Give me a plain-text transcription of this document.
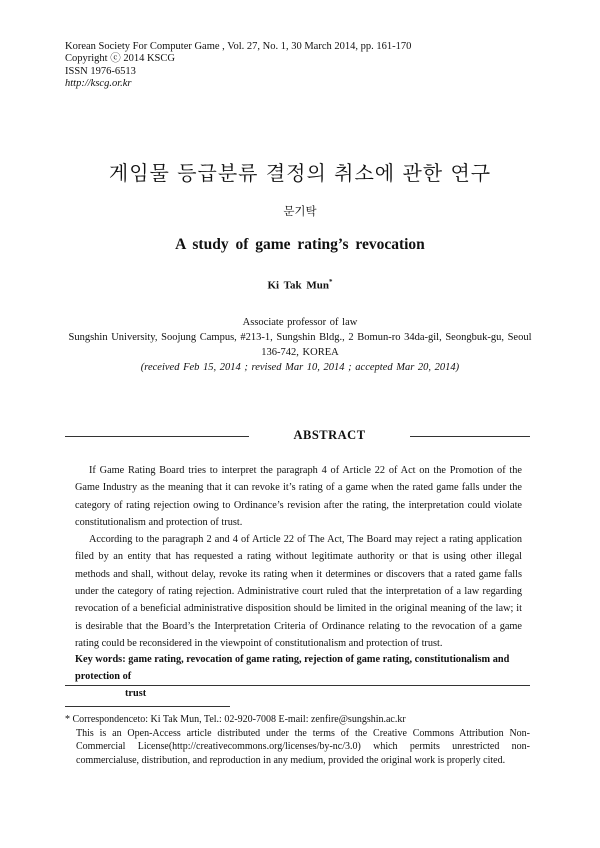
Korean Society For Computer Game , Vol. 27, No. 1, 30 March 2014, pp. 161-170
Copyright ⓒ 2014 KSCG
ISSN 1976-6513
http://kscg.or.kr
게임물 등급분류 결정의 취소에 관한 연구
문기탁
A study of game rating’s revocation
Ki Tak Mun*
Associate professor of law
Sungshin University, Soojung Campus, #213-1, Sungshin Bldg., 2 Bomun-ro 34da-gil, Seongbuk-gu, Seoul
136-742, KOREA
(received Feb 15, 2014 ; revised Mar 10, 2014 ; accepted Mar 20, 2014)
ABSTRACT

If Game Rating Board tries to interpret the paragraph 4 of Article 22 of Act on the Promotion of the Game Industry as the meaning that it can revoke it’s rating of a game when the rated game falls under the category of rating rejection owing to Ordinance’s revision after the rating, the interpretation could violate constitutionalism and protection of trust.

According to the paragraph 2 and 4 of Article 22 of The Act, The Board may reject a rating application filed by an entity that has requested a rating without legitimate authority or that is using other illegal methods and shall, without delay, revoke its rating when it determines or discovers that a rated game falls under the category of rating rejection. Administrative court ruled that the interpretation of a law regarding revocation of a beneficial administrative disposition should be limited in the original meaning of the law; it is desirable that the Board’s the Interpretation Criteria of Ordinance relating to the revocation of a game rating could be reconsidered in the viewpoint of constitutionalism and protection of trust.

Key words: game rating, revocation of game rating, rejection of game rating, constitutionalism and protection of
trust
* Correspondenceto: Ki Tak Mun, Tel.: 02-920-7008 E-mail: zenfire@sungshin.ac.kr
This is an Open-Access article distributed under the terms of the Creative Commons Attribution Non-Commercial License(http://creativecommons.org/licenses/by-nc/3.0) which permits unrestricted non-commercialuse, distribution, and reproduction in any medium, provided the original work is properly cited.
